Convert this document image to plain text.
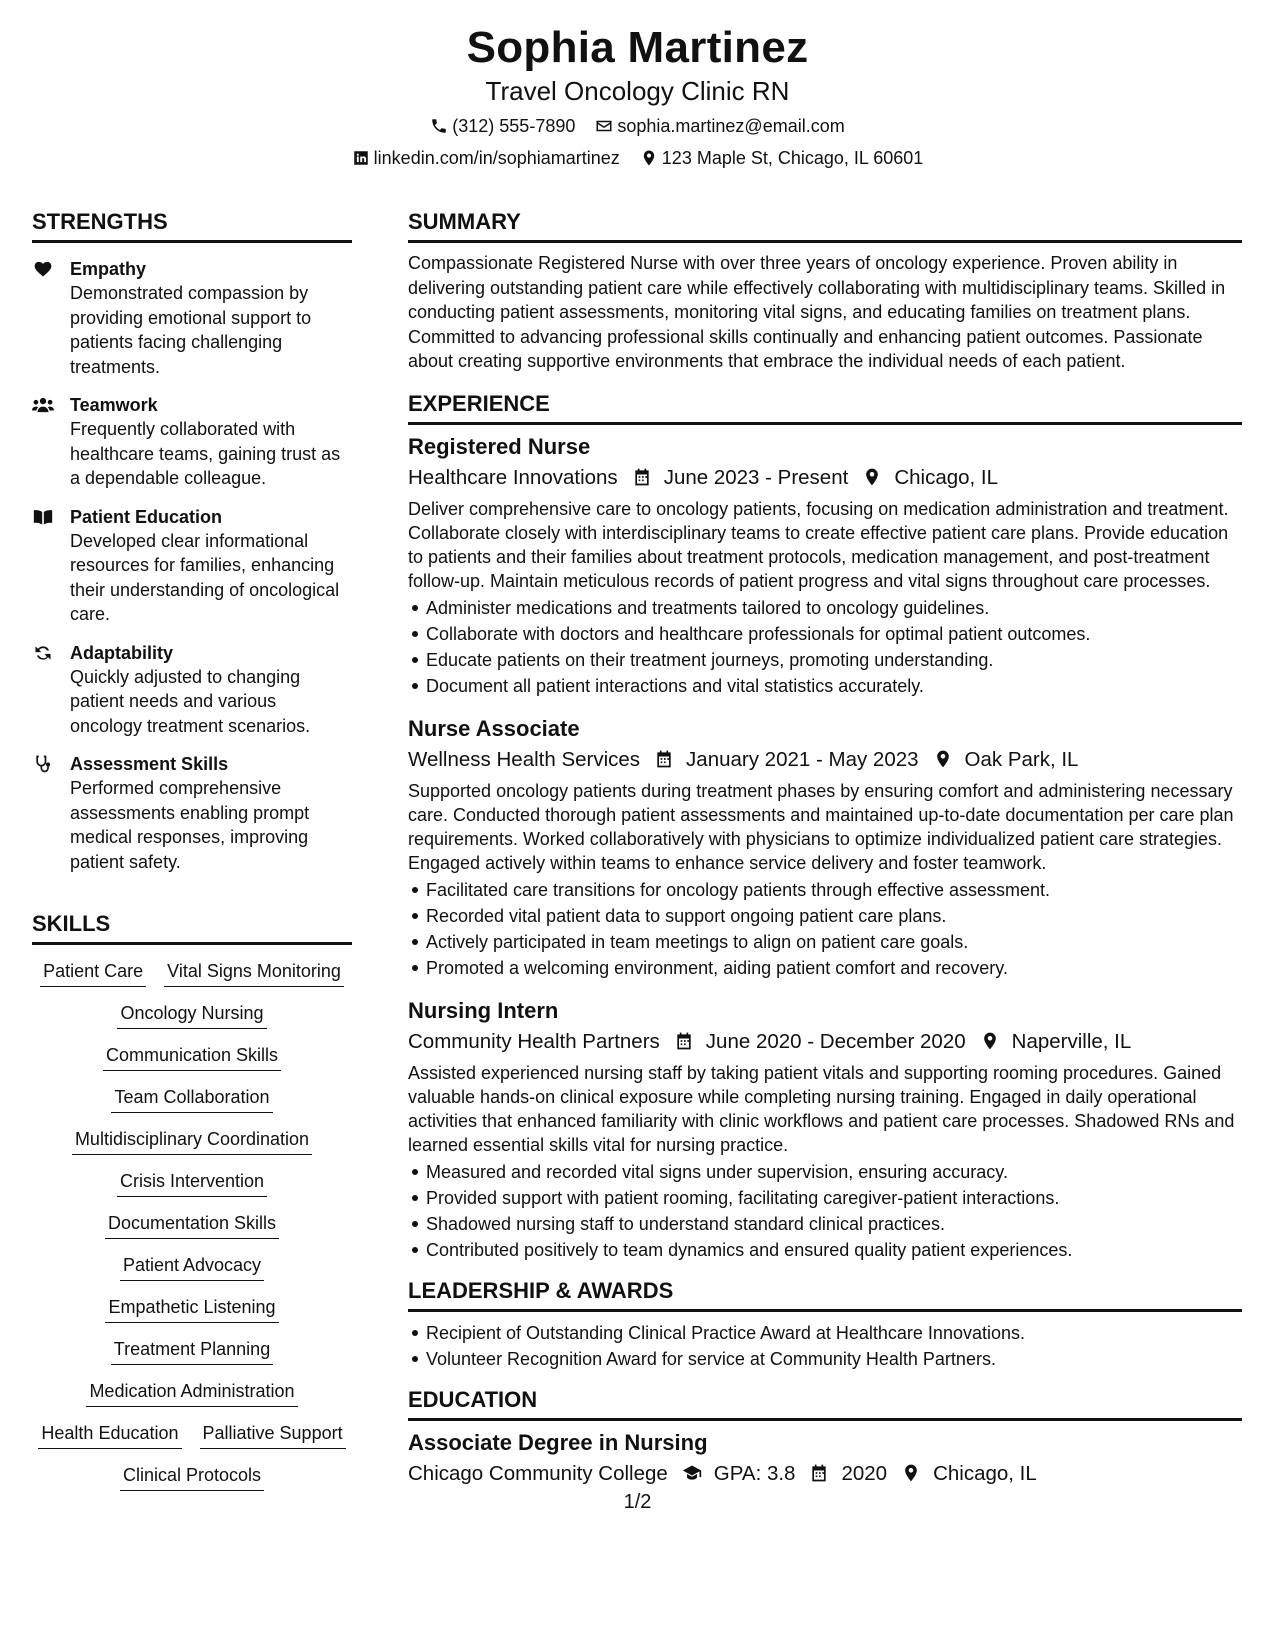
Sophia Martinez
Travel Oncology Clinic RN
(312) 555-7890 sophia.martinez@email.com
linkedin.com/in/sophiamartinez 123 Maple St, Chicago, IL 60601
STRENGTHS
Empathy
Demonstrated compassion by providing emotional support to patients facing challenging treatments.
Teamwork
Frequently collaborated with healthcare teams, gaining trust as a dependable colleague.
Patient Education
Developed clear informational resources for families, enhancing their understanding of oncological care.
Adaptability
Quickly adjusted to changing patient needs and various oncology treatment scenarios.
Assessment Skills
Performed comprehensive assessments enabling prompt medical responses, improving patient safety.
SKILLS
Patient Care Vital Signs Monitoring
Oncology Nursing
Communication Skills
Team Collaboration
Multidisciplinary Coordination
Crisis Intervention
Documentation Skills
Patient Advocacy
Empathetic Listening
Treatment Planning
Medication Administration
Health Education Palliative Support
Clinical Protocols
SUMMARY
Compassionate Registered Nurse with over three years of oncology experience. Proven ability in delivering outstanding patient care while effectively collaborating with multidisciplinary teams. Skilled in conducting patient assessments, monitoring vital signs, and educating families on treatment plans. Committed to advancing professional skills continually and enhancing patient outcomes. Passionate about creating supportive environments that embrace the individual needs of each patient.
EXPERIENCE
Registered Nurse
Healthcare Innovations June 2023 - Present Chicago, IL
Deliver comprehensive care to oncology patients, focusing on medication administration and treatment. Collaborate closely with interdisciplinary teams to create effective patient care plans. Provide education to patients and their families about treatment protocols, medication management, and post-treatment follow-up. Maintain meticulous records of patient progress and vital signs throughout care processes.
Administer medications and treatments tailored to oncology guidelines.
Collaborate with doctors and healthcare professionals for optimal patient outcomes.
Educate patients on their treatment journeys, promoting understanding.
Document all patient interactions and vital statistics accurately.
Nurse Associate
Wellness Health Services January 2021 - May 2023 Oak Park, IL
Supported oncology patients during treatment phases by ensuring comfort and administering necessary care. Conducted thorough patient assessments and maintained up-to-date documentation per care plan requirements. Worked collaboratively with physicians to optimize individualized patient care strategies. Engaged actively within teams to enhance service delivery and foster teamwork.
Facilitated care transitions for oncology patients through effective assessment.
Recorded vital patient data to support ongoing patient care plans.
Actively participated in team meetings to align on patient care goals.
Promoted a welcoming environment, aiding patient comfort and recovery.
Nursing Intern
Community Health Partners June 2020 - December 2020 Naperville, IL
Assisted experienced nursing staff by taking patient vitals and supporting rooming procedures. Gained valuable hands-on clinical exposure while completing nursing training. Engaged in daily operational activities that enhanced familiarity with clinic workflows and patient care processes. Shadowed RNs and learned essential skills vital for nursing practice.
Measured and recorded vital signs under supervision, ensuring accuracy.
Provided support with patient rooming, facilitating caregiver-patient interactions.
Shadowed nursing staff to understand standard clinical practices.
Contributed positively to team dynamics and ensured quality patient experiences.
LEADERSHIP & AWARDS
Recipient of Outstanding Clinical Practice Award at Healthcare Innovations.
Volunteer Recognition Award for service at Community Health Partners.
EDUCATION
Associate Degree in Nursing
Chicago Community College GPA: 3.8 2020 Chicago, IL
1/2
